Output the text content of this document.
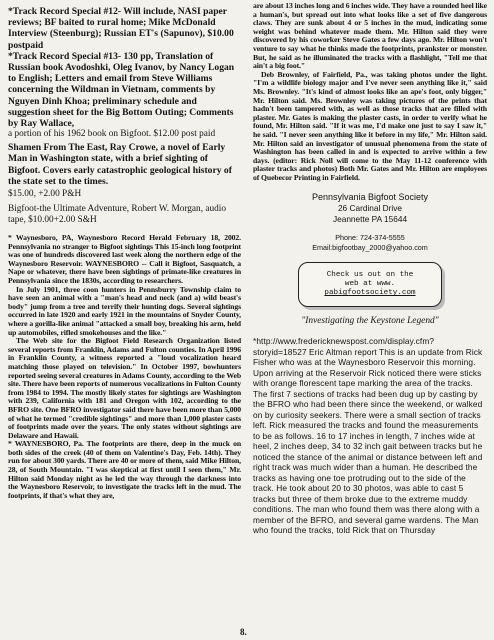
*Track Record Special #12- Will include, NASI paper reviews; BF baited to rural home; Mike McDonald Interview (Steenburg); Russian ET's (Sapunov), $10.00 postpaid

*Track Record Special #13- 130 pp, Translation of Russian book Avodoshki, Oleg Ivanov, by Nancy Logan to English; Letters and email from Steve Williams concerning the Wildman in Vietnam, comments by Nguyen Dinh Khoa; preliminary schedule and suggestion sheet for the Big Bottom Outing; Comments by Ray Wallace,

a portion of his 1962 book on Bigfoot. $12.00 post paid

Shamen From The East, Ray Crowe, a novel of Early Man in Washington state, with a brief sighting of Bigfoot. Covers early catastrophic geological history of the state set to the times.

$15.00, +2.00 P&H

Bigfoot-the Ultimate Adventure, Robert W. Morgan, audio tape, $10.00+2.00 S&H

* Waynesboro, PA, Waynesboro Record Herald February 18, 2002. Pennsylvania no stranger to Bigfoot sightings This 15-inch long footprint was one of hundreds discovered last week along the northern edge of the Waynesboro Reservoir. WAYNESBORO -- Call it Bigfoot, Sasquatch, a Nape or whatever, there have been sightings of primate-like creatures in Pennsylvania since the 1830s, according to researchers.

In July 1901, three coon hunters in Pennsburry Township claim to have seen an animal with a "man's head and neck (and a) wild beast's body" jump from a tree and terrify their hunting dogs. Several sightings occurred in late 1920 and early 1921 in the mountains of Snyder County, where a gorilla-like animal "attacked a small boy, breaking his arm, held up automobiles, rifled smokehouses and the like."

The Web site for the Bigfoot Field Research Organization listed several reports from Franklin, Adams and Fulton counties. In April 1996 in Franklin County, a witness reported a "loud vocalization heard matching those played on television." In October 1997, bowhunters reported seeing several creatures in Adams County, according to the Web site. There have been reports of numerous vocalizations in Fulton County from 1984 to 1994. The mostly likely states for sightings are Washington with 239, California with 181 and Oregon with 102, according to the BFRO site. One BFRO investigator said there have been more than 5,000 of what he termed "credible sightings" and more than 1,000 plaster casts of footprints made over the years. The only states without sightings are Delaware and Hawaii.

* WAYNESBORO, Pa. The footprints are there, deep in the muck on both sides of the creek (40 of them on Valentine's Day, Feb. 14th). They run for about 300 yards. There are 40 or more of them, said Mike Hilton, 28, of South Mountain. "I was skeptical at first until I seen them," Mr. Hilton said Monday night as he led the way through the darkness into the Waynesboro Reservoir, to investigate the tracks left in the mud. The footprints, if that's what they are,

are about 13 inches long and 6 inches wide. They have a rounded heel like a human's, but spread out into what looks like a set of five dangerous claws. They are sunk about 4 or 5 inches in the mud, indicating some weight was behind whatever made them. Mr. Hilton said they were discovered by his coworker Steve Gates a few days ago. Mr. Hilton won't venture to say what he thinks made the footprints, prankster or monster. But, he said as he illuminated the tracks with a flashlight, "Tell me that ain't a big foot."

Deb Brownley, of Fairfield, Pa., was taking photos under the light. "I'm a wildlife biology major and I've never seen anything like it," said Ms. Brownley. "It's kind of almost looks like an ape's foot, only bigger," Mr. Hilton said. Ms. Brownley was taking pictures of the prints that hadn't been tampered with, as well as those tracks that are filled with plaster. Mr. Gates is making the plaster casts, in order to verify what he found, Mr. Hilton said. "If it was me, I'd make one just to say I saw it," he said. "I never seen anything like it before in my life," Mr. Hilton said. Mr. Hilton said an investigator of unusual phenomena from the state of Washington has been called in and is expected to arrive within a few days. (editor: Rick Noll will come to the May 11-12 conference with plaster tracks and photos) Both Mr. Gates and Mr. Hilton are employees of Quebecor Printing in Fairfield.

Pennsylvania Bigfoot Society
26 Cardinal Drive
Jeannette PA 15644
Phone: 724-374-5555
Email:bigfootbay_2000@yahoo.com
Check us out on the
web at www.
pabigfootsociety.com
"Investigating the Keystone Legend"

*http://www.fredericknewspost.com/display.cfm?storyid=18527 Eric Altman report This is an update from Rick Fisher who was at the Waynesboro Reservoir this morning. Upon arriving at the Reservoir Rick noticed there were sticks with orange florescent tape marking the area of the tracks. The first 7 sections of tracks had been dug up by casting by the BFRO who had been there since the weekend, or walked on by curiosity seekers. There were a small section of tracks left. Rick measured the tracks and found the measurements to be as follows. 16 to 17 inches in length, 7 inches wide at heel, 2 inches deep, 34 to 32 inch gait between tracks but he noticed the stance of the animal or distance between left and right track was much wider than a human. He described the tracks as having one toe protruding out to the side of the track. He took about 20 to 30 photos, was able to cast 5 tracks but three of them broke due to the extreme muddy conditions. The man who found them was there along with a member of the BFRO, and several game wardens. The Man who found the tracks, told Rick that on Thursday

8.
